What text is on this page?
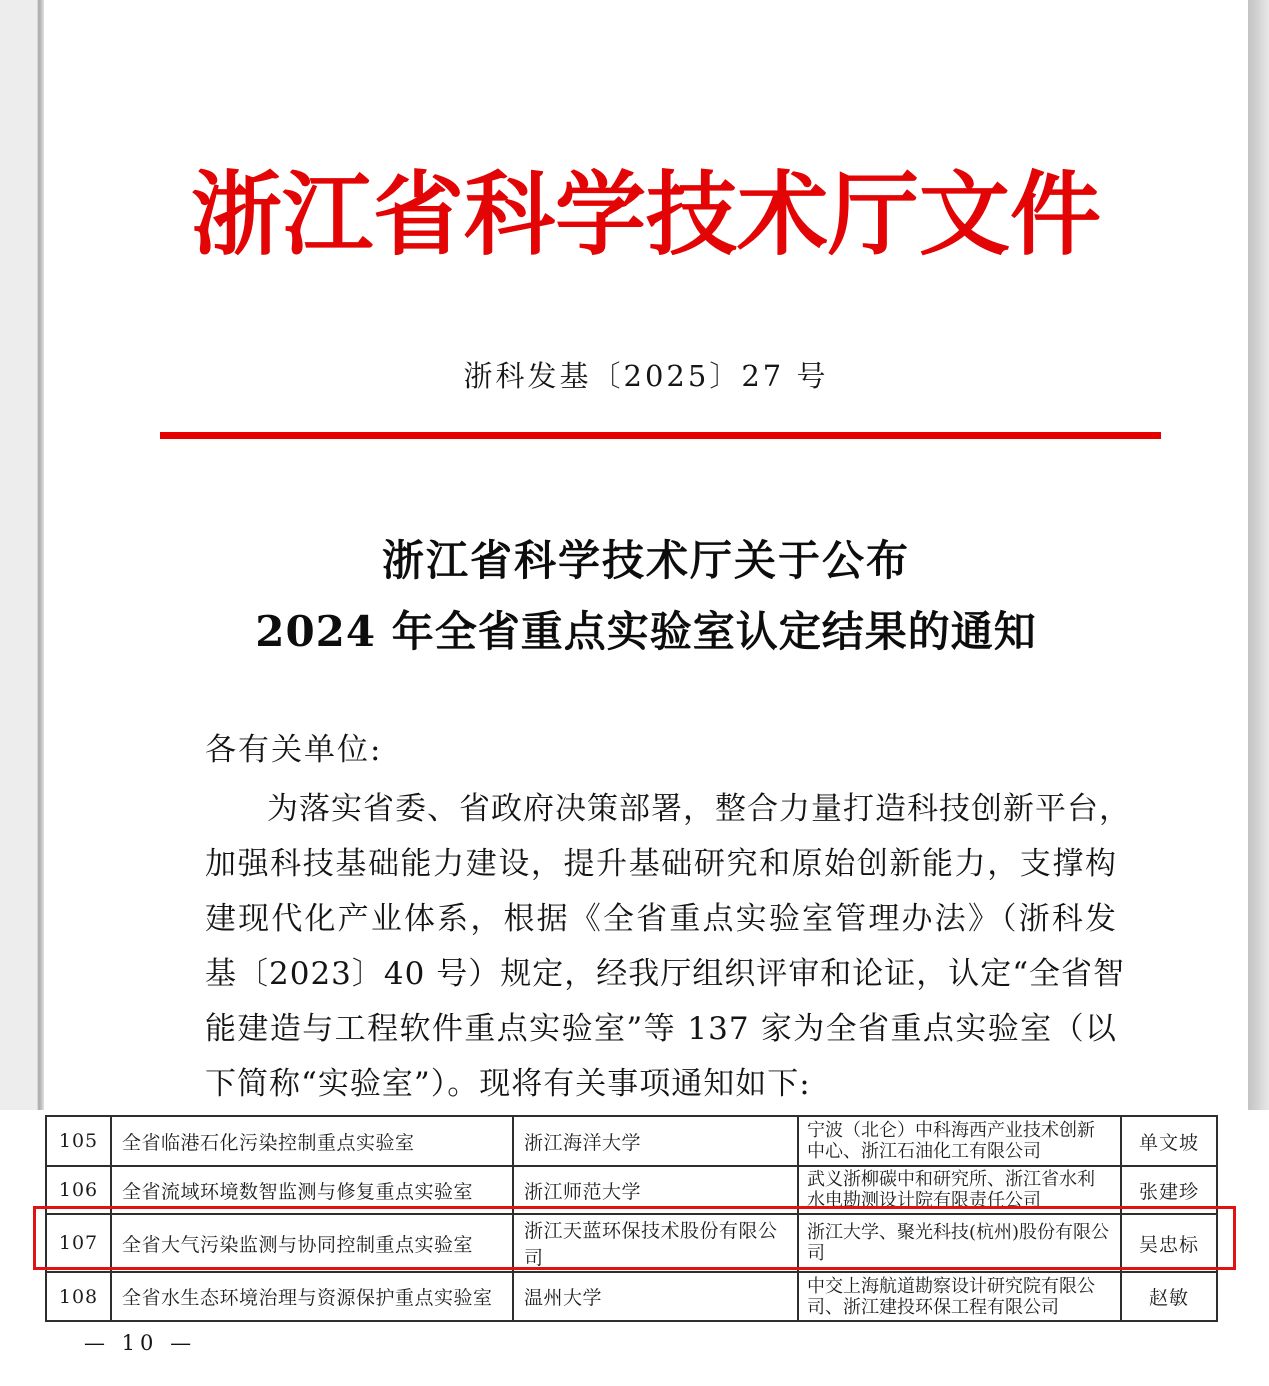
浙江省科学技术厅文件
浙科发基〔2025〕27 号
浙江省科学技术厅关于公布
2024 年全省重点实验室认定结果的通知
各有关单位:
为落实省委、省政府决策部署，整合力量打造科技创新平台，
加强科技基础能力建设，提升基础研究和原始创新能力，支撑构
建现代化产业体系，根据《全省重点实验室管理办法》（浙科发
基〔2023〕40 号）规定，经我厅组织评审和论证，认定“全省智
能建造与工程软件重点实验室”等 137 家为全省重点实验室（以
下简称“实验室”）。现将有关事项通知如下:
105	全省临港石化污染控制重点实验室	浙江海洋大学	宁波（北仑）中科海西产业技术创新中心、浙江石油化工有限公司	单文坡
106	全省流域环境数智监测与修复重点实验室	浙江师范大学	武义浙柳碳中和研究所、浙江省水利水电勘测设计院有限责任公司	张建珍
107	全省大气污染监测与协同控制重点实验室	浙江天蓝环保技术股份有限公司	浙江大学、聚光科技(杭州)股份有限公司	吴忠标
108	全省水生态环境治理与资源保护重点实验室	温州大学	中交上海航道勘察设计研究院有限公司、浙江建投环保工程有限公司	赵敏
— 10 —
